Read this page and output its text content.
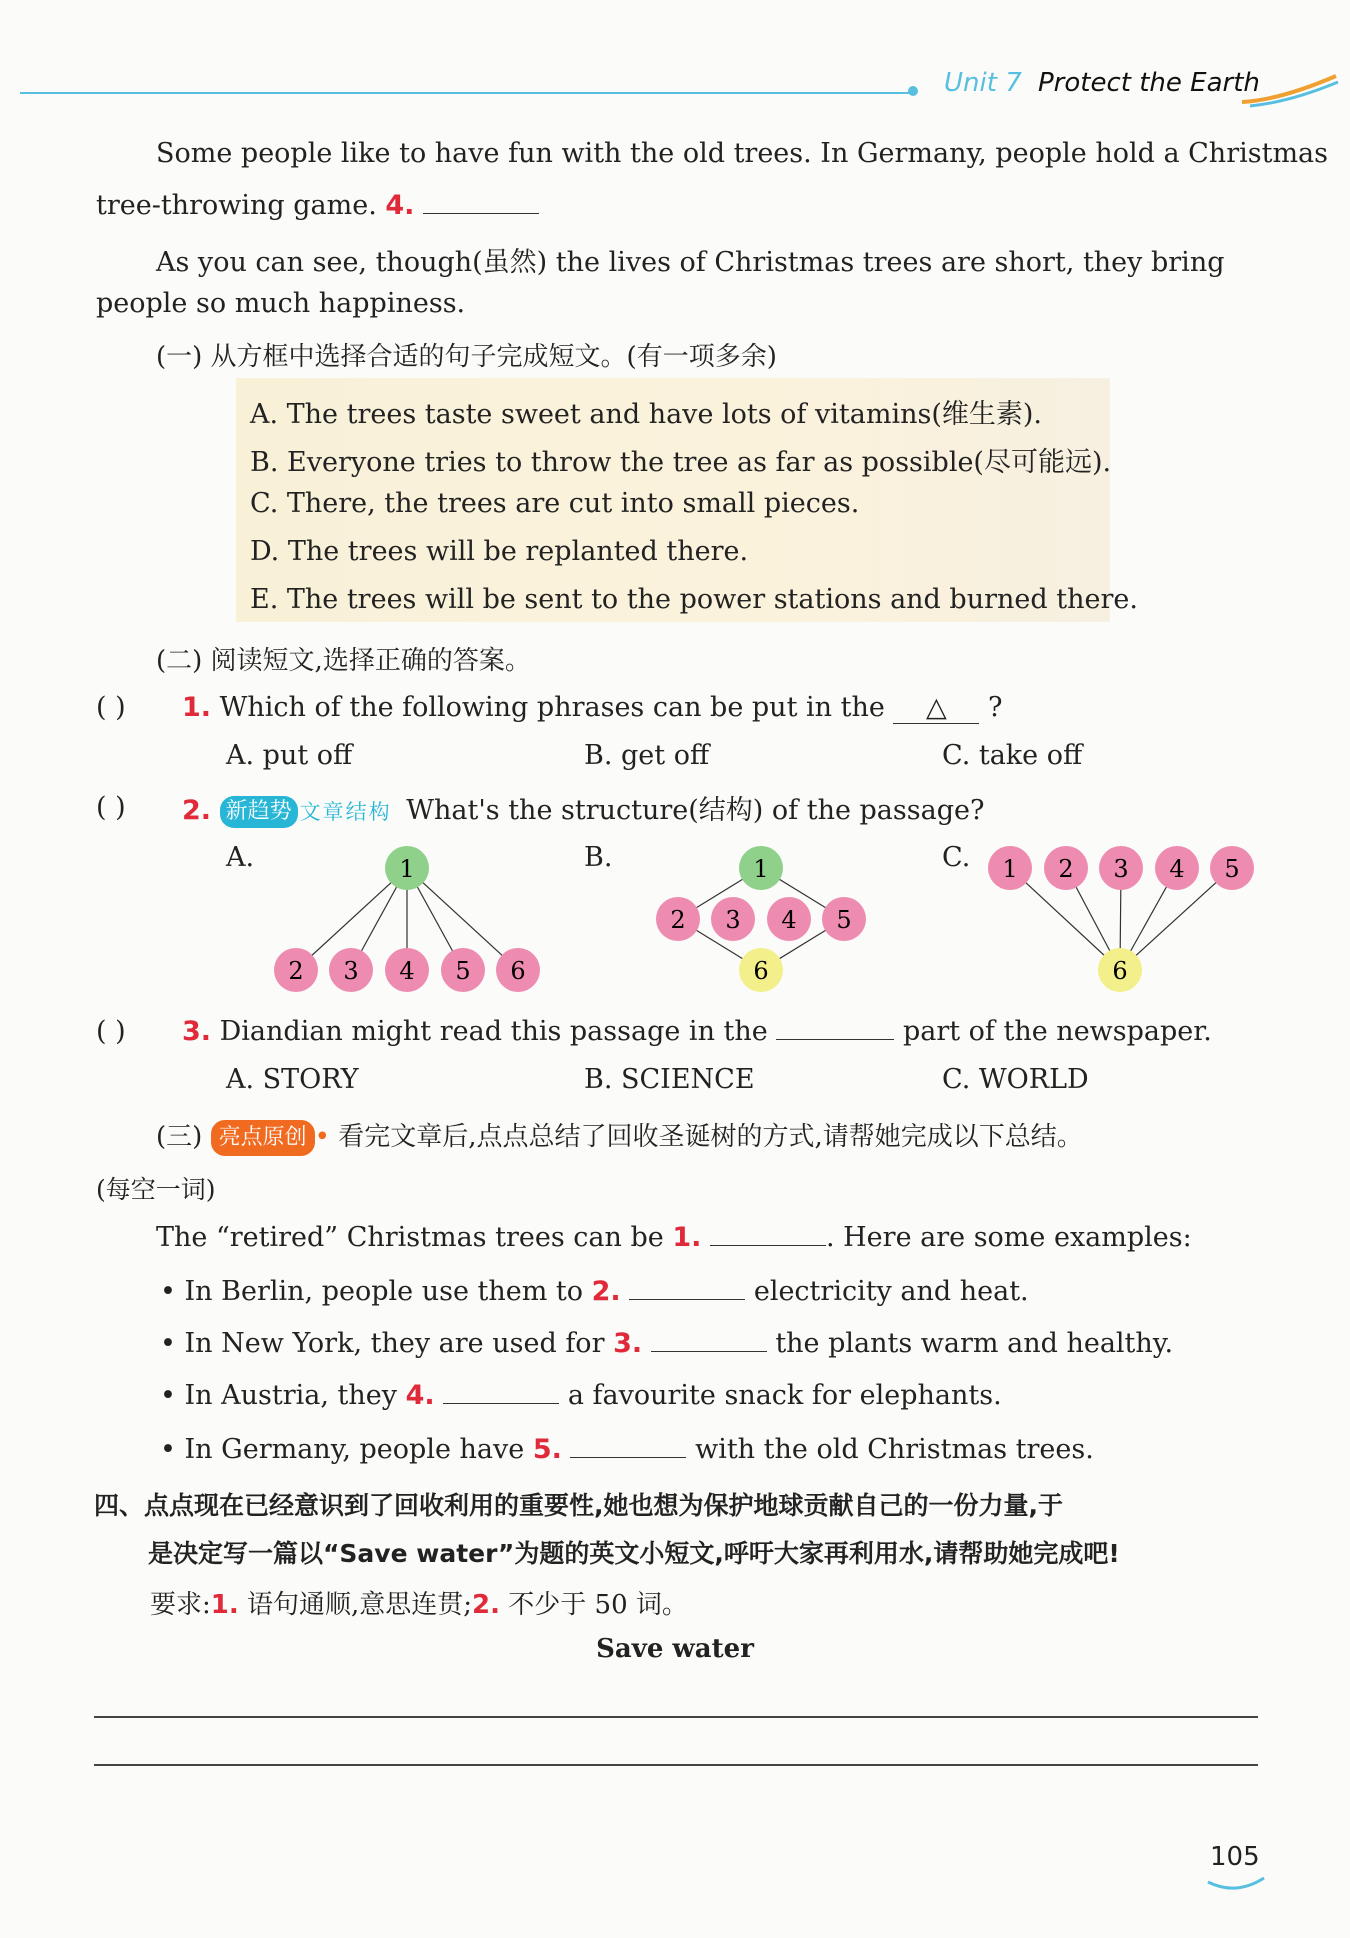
Unit 7 Protect the Earth
Some people like to have fun with the old trees. In Germany, people hold a Christmas
tree-throwing game. 4.
As you can see, though(虽然) the lives of Christmas trees are short, they bring
people so much happiness.
(一) 从方框中选择合适的句子完成短文。(有一项多余)
A. The trees taste sweet and have lots of vitamins(维生素).
B. Everyone tries to throw the tree as far as possible(尽可能远).
C. There, the trees are cut into small pieces.
D. The trees will be replanted there.
E. The trees will be sent to the power stations and burned there.
(二) 阅读短文,选择正确的答案。
( ) 1. Which of the following phrases can be put in the △ ?
A. put off	B. get off	C. take off
( ) 2. 新趋势 文章结构 What's the structure(结构) of the passage?
A.	B.	C.
1
2 3 4 5 6
1
2 3 4 5
6
1 2 3 4 5
6
( ) 3. Diandian might read this passage in the	part of the newspaper.
A. STORY	B. SCIENCE	C. WORLD
(三) 亮点原创 • 看完文章后,点点总结了回收圣诞树的方式,请帮她完成以下总结。
(每空一词)
The “retired” Christmas trees can be 1.	. Here are some examples:
• In Berlin, people use them to 2.	electricity and heat.
• In New York, they are used for 3.	the plants warm and healthy.
• In Austria, they 4.	a favourite snack for elephants.
• In Germany, people have 5.	with the old Christmas trees.
四、点点现在已经意识到了回收利用的重要性,她也想为保护地球贡献自己的一份力量,于
是决定写一篇以“Save water”为题的英文小短文,呼吁大家再利用水,请帮助她完成吧!
要求:1. 语句通顺,意思连贯;2. 不少于 50 词。
Save water
105
